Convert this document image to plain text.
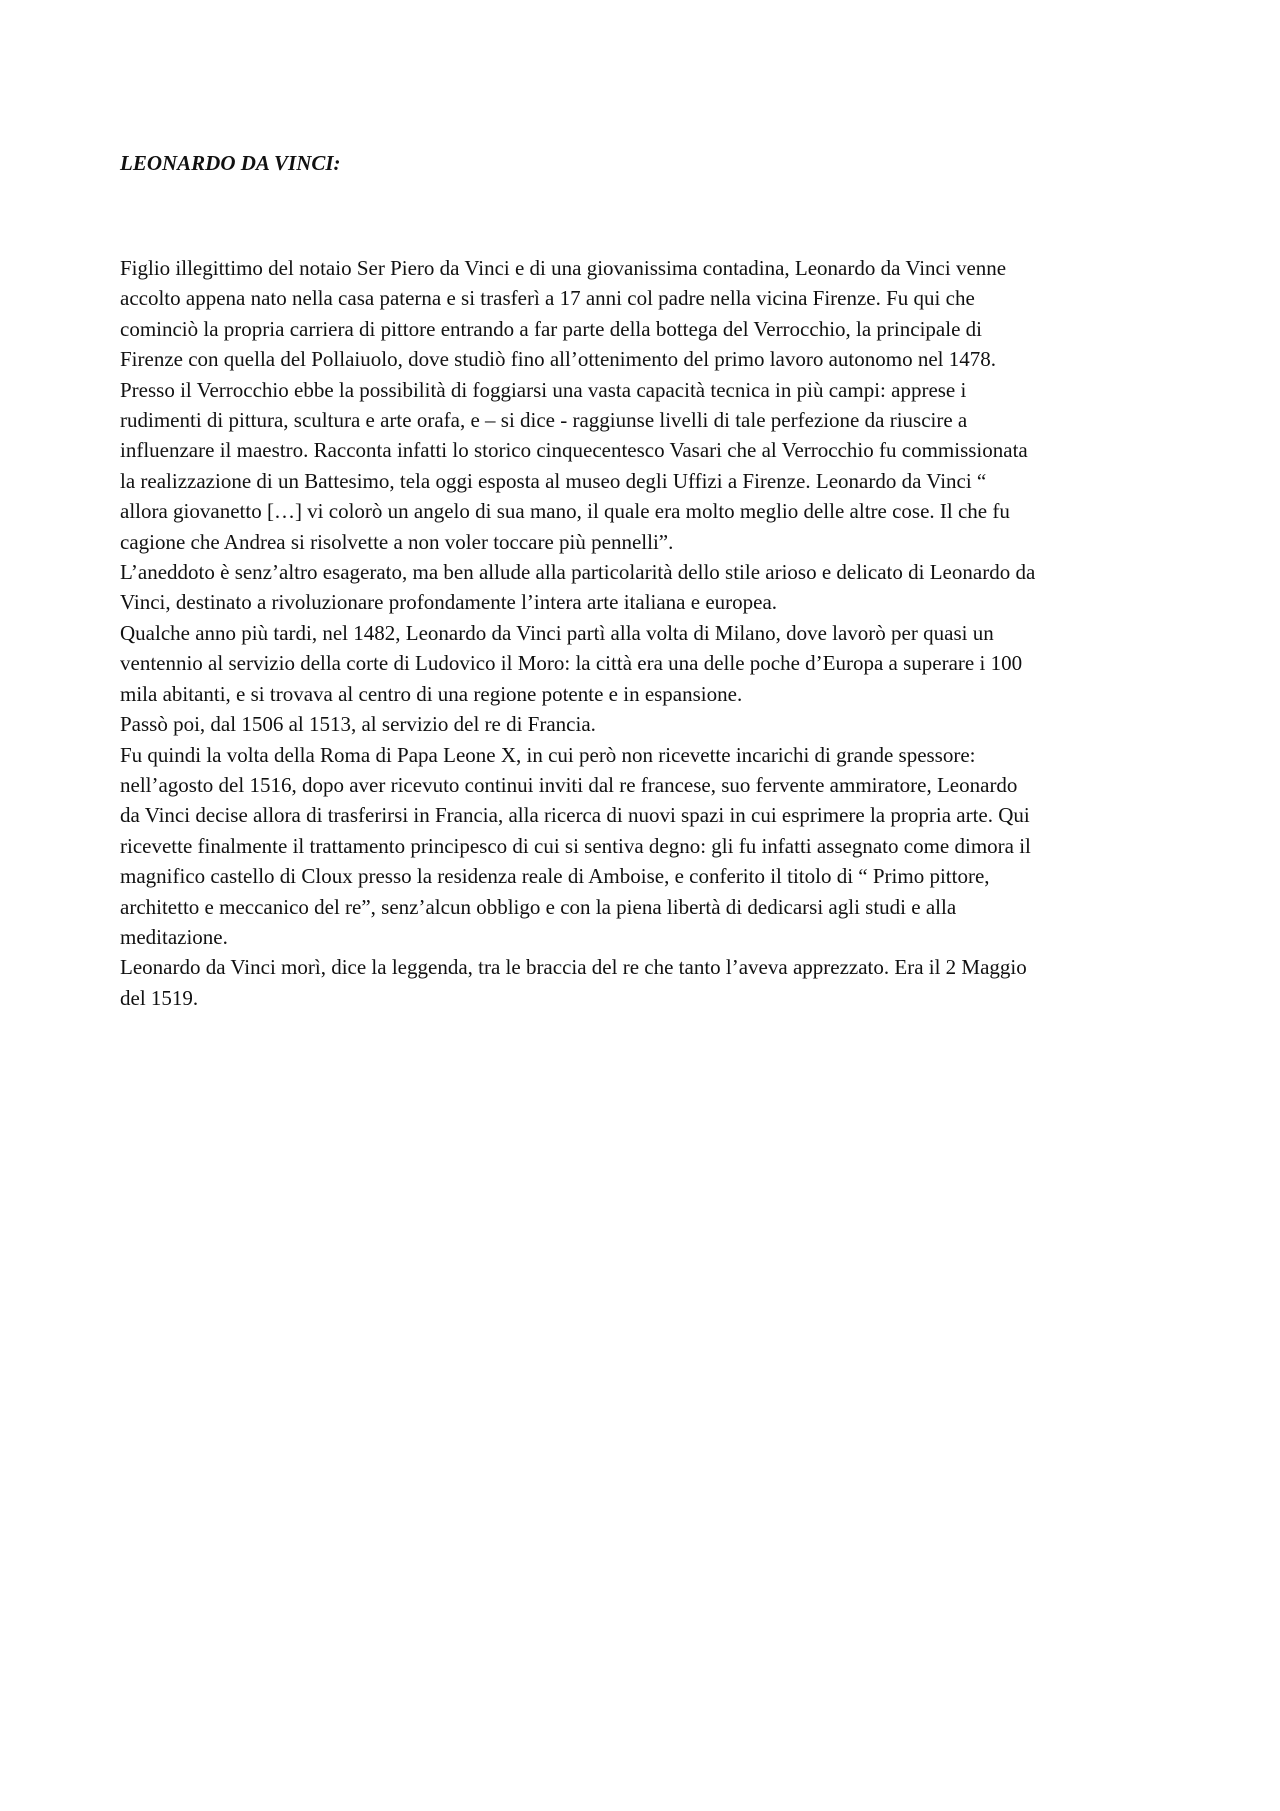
LEONARDO DA VINCI:

Figlio illegittimo del notaio Ser Piero da Vinci e di una giovanissima contadina, Leonardo da Vinci venne
accolto appena nato nella casa paterna e si trasferì a 17 anni col padre nella vicina Firenze. Fu qui che
cominciò la propria carriera di pittore entrando a far parte della bottega del Verrocchio, la principale di
Firenze con quella del Pollaiuolo, dove studiò fino all’ottenimento del primo lavoro autonomo nel 1478.
Presso il Verrocchio ebbe la possibilità di foggiarsi una vasta capacità tecnica in più campi: apprese i
rudimenti di pittura, scultura e arte orafa, e – si dice - raggiunse livelli di tale perfezione da riuscire a
influenzare il maestro. Racconta infatti lo storico cinquecentesco Vasari che al Verrocchio fu commissionata
la realizzazione di un Battesimo, tela oggi esposta al museo degli Uffizi a Firenze. Leonardo da Vinci “
allora giovanetto […] vi colorò un angelo di sua mano, il quale era molto meglio delle altre cose. Il che fu
cagione che Andrea si risolvette a non voler toccare più pennelli”.

L’aneddoto è senz’altro esagerato, ma ben allude alla particolarità dello stile arioso e delicato di Leonardo da
Vinci, destinato a rivoluzionare profondamente l’intera arte italiana e europea.

Qualche anno più tardi, nel 1482, Leonardo da Vinci partì alla volta di Milano, dove lavorò per quasi un
ventennio al servizio della corte di Ludovico il Moro: la città era una delle poche d’Europa a superare i 100
mila abitanti, e si trovava al centro di una regione potente e in espansione.

Passò poi, dal 1506 al 1513, al servizio del re di Francia.

Fu quindi la volta della Roma di Papa Leone X, in cui però non ricevette incarichi di grande spessore:
nell’agosto del 1516, dopo aver ricevuto continui inviti dal re francese, suo fervente ammiratore, Leonardo
da Vinci decise allora di trasferirsi in Francia, alla ricerca di nuovi spazi in cui esprimere la propria arte. Qui
ricevette finalmente il trattamento principesco di cui si sentiva degno: gli fu infatti assegnato come dimora il
magnifico castello di Cloux presso la residenza reale di Amboise, e conferito il titolo di “ Primo pittore,
architetto e meccanico del re”, senz’alcun obbligo e con la piena libertà di dedicarsi agli studi e alla
meditazione.

Leonardo da Vinci morì, dice la leggenda, tra le braccia del re che tanto l’aveva apprezzato. Era il 2 Maggio
del 1519.
